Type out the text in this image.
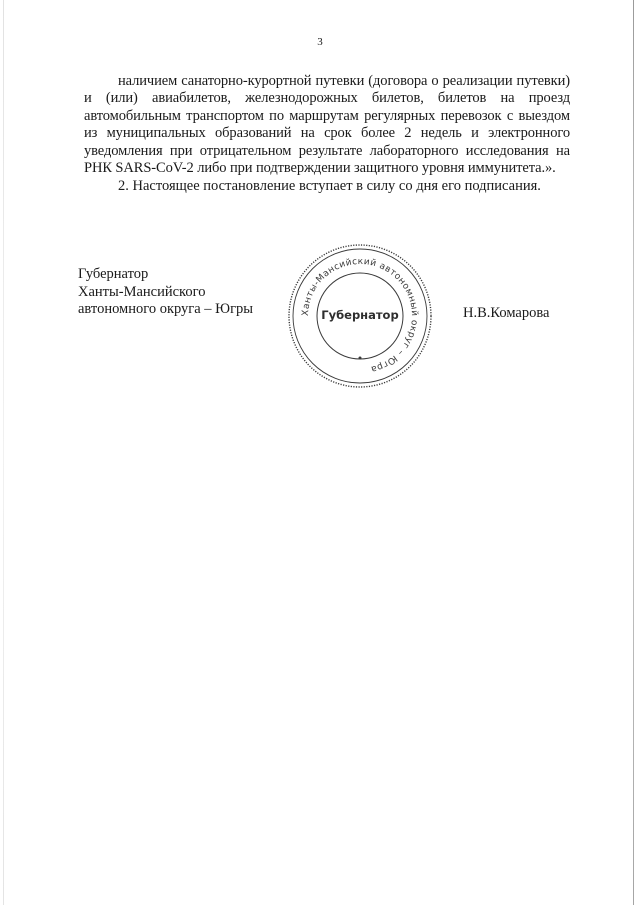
3

наличием санаторно-курортной путевки (договора о реализации путевки) и (или) авиабилетов, железнодорожных билетов, билетов на проезд автомобильным транспортом по маршрутам регулярных перевозок с выездом из муниципальных образований на срок более 2 недель и электронного уведомления при отрицательном результате лабораторного исследования на РНК SARS-CoV-2 либо при подтверждении защитного уровня иммунитета.».

2. Настоящее постановление вступает в силу со дня его подписания.

Губернатор
Ханты-Мансийского
автономного округа – Югры	Ханты-Мансийский автономный округ – Югра
Губернатор	Н.В.Комарова
